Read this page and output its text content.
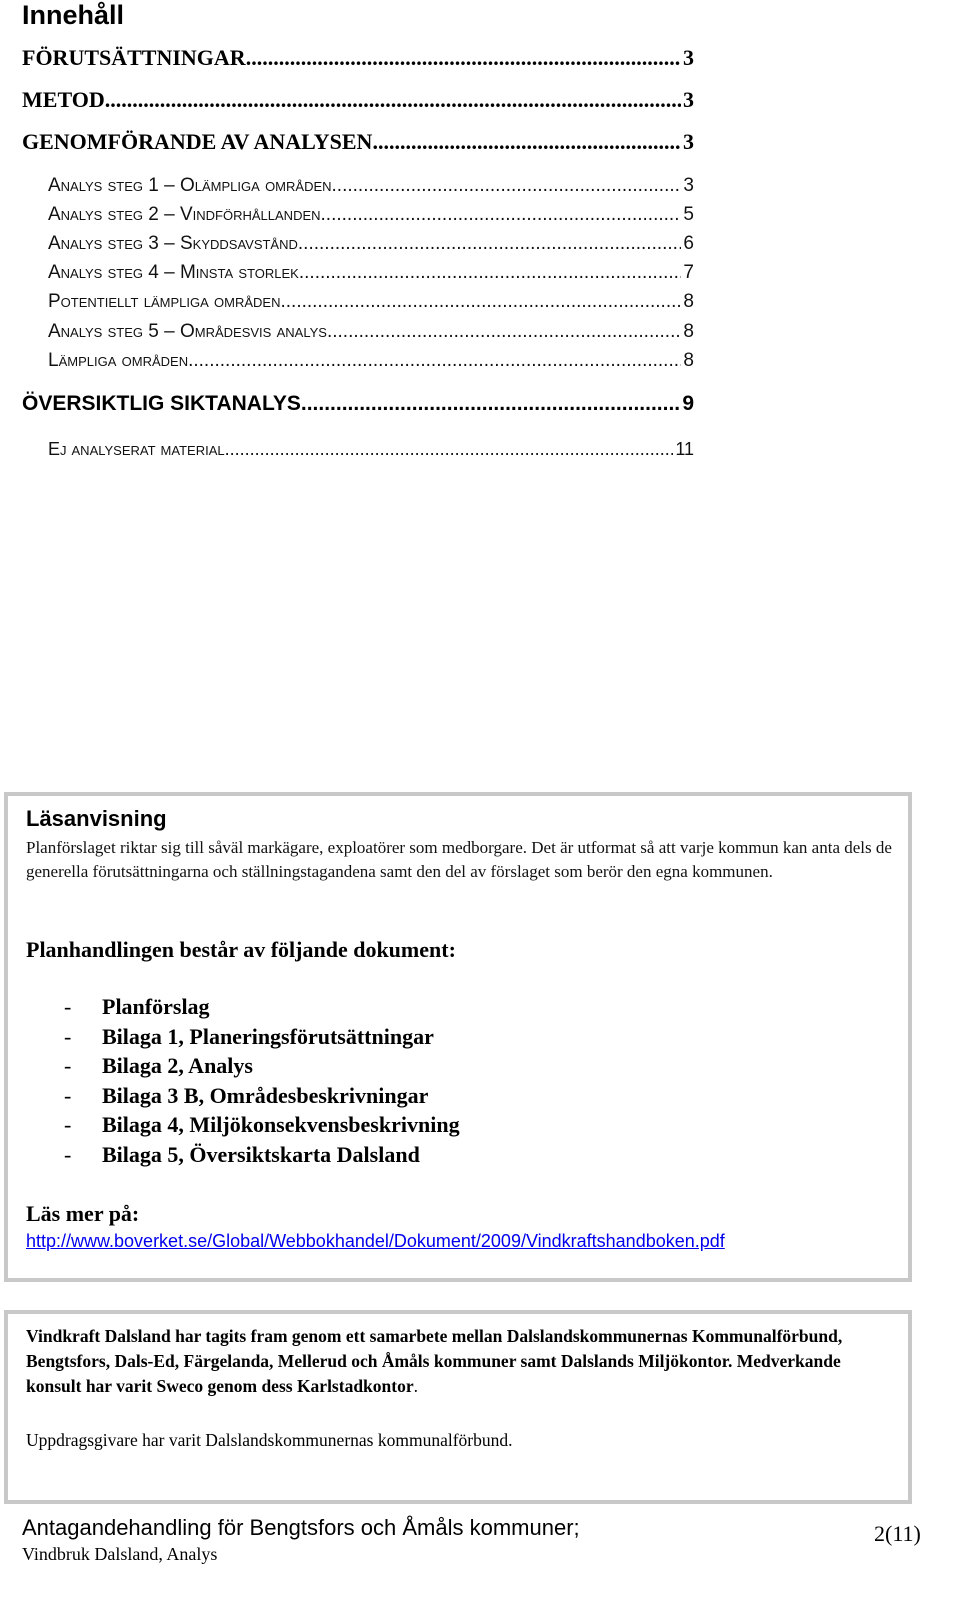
Innehåll
FÖRUTSÄTTNINGAR .....	3
METOD .....	3
GENOMFÖRANDE AV ANALYSEN .....	3
Analys steg 1 – Olämpliga områden .....	3
Analys steg 2 – Vindförhållanden .....	5
Analys steg 3 – Skyddsavstånd .....	6
Analys steg 4 – Minsta storlek .....	7
Potentiellt lämpliga områden .....	8
Analys steg 5 – Områdesvis analys .....	8
Lämpliga områden .....	8
ÖVERSIKTLIG SIKTANALYS .....	9
Ej analyserat material .....	11
Läsanvisning

Planförslaget riktar sig till såväl markägare, exploatörer som medborgare. Det är utformat så att varje kommun kan anta dels de generella förutsättningarna och ställningstagandena samt den del av förslaget som berör den egna kommunen.

Planhandlingen består av följande dokument:
-	Planförslag
-	Bilaga 1, Planeringsförutsättningar
-	Bilaga 2, Analys
-	Bilaga 3 B, Områdesbeskrivningar
-	Bilaga 4, Miljökonsekvensbeskrivning
-	Bilaga 5, Översiktskarta Dalsland
Läs mer på:
http://www.boverket.se/Global/Webbokhandel/Dokument/2009/Vindkraftshandboken.pdf

Vindkraft Dalsland har tagits fram genom ett samarbete mellan Dalslandskommunernas Kommunalförbund, Bengtsfors, Dals-Ed, Färgelanda, Mellerud och Åmåls kommuner samt Dalslands Miljökontor. Medverkande konsult har varit Sweco genom dess Karlstadkontor.

Uppdragsgivare har varit Dalslandskommunernas kommunalförbund.

Antagandehandling för Bengtsfors och Åmåls kommuner;
Vindbruk Dalsland, Analys
2(11)
